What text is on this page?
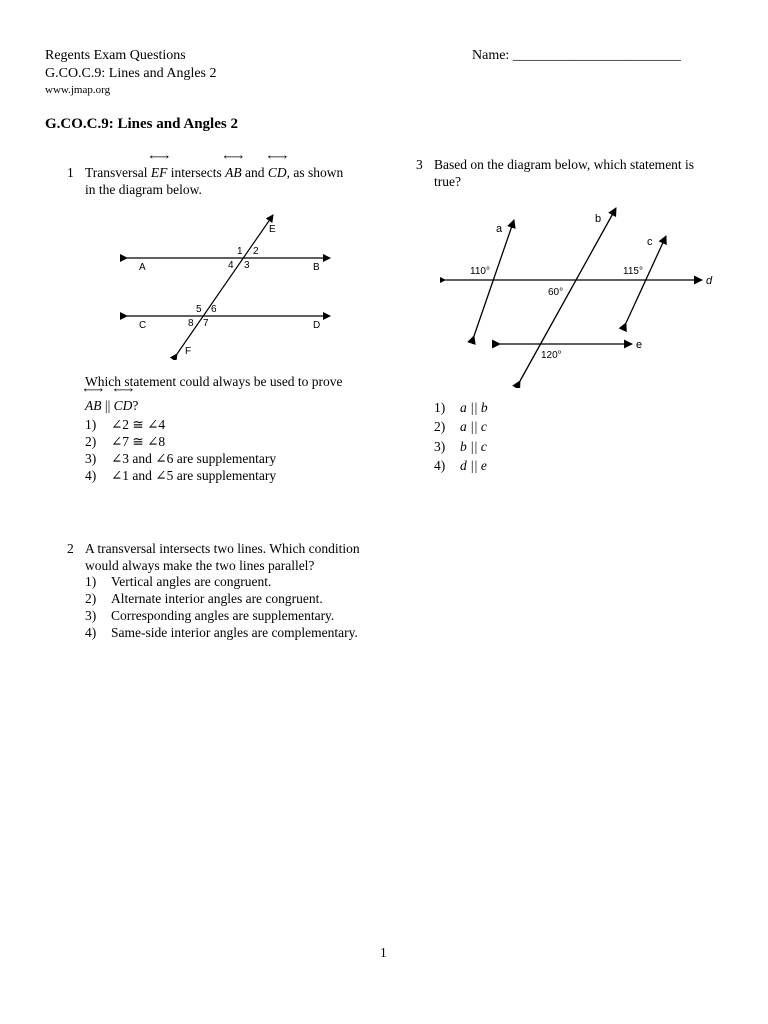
Regents Exam Questions
G.CO.C.9: Lines and Angles 2
www.jmap.org
Name: ________________________
G.CO.C.9: Lines and Angles 2
1 Transversal ⟷ EF intersects ⟷ AB and ⟷ CD, as shown
in the diagram below.
A	B
C	D
E
F
1 2
4 3
5 6
8 7
Which statement could always be used to prove
⟷ AB || ⟷ CD?
1) ∠2 ≅ ∠4
2) ∠7 ≅ ∠8
3) ∠3 and ∠6 are supplementary
4) ∠1 and ∠5 are supplementary
2 A transversal intersects two lines. Which condition
would always make the two lines parallel?
1) Vertical angles are congruent.
2) Alternate interior angles are congruent.
3) Corresponding angles are supplementary.
4) Same-side interior angles are complementary.
3 Based on the diagram below, which statement is
true?
a
b
c
d
e
110°	115°
60°
120°
1) a || b
2) a || c
3) b || c
4) d || e
1
